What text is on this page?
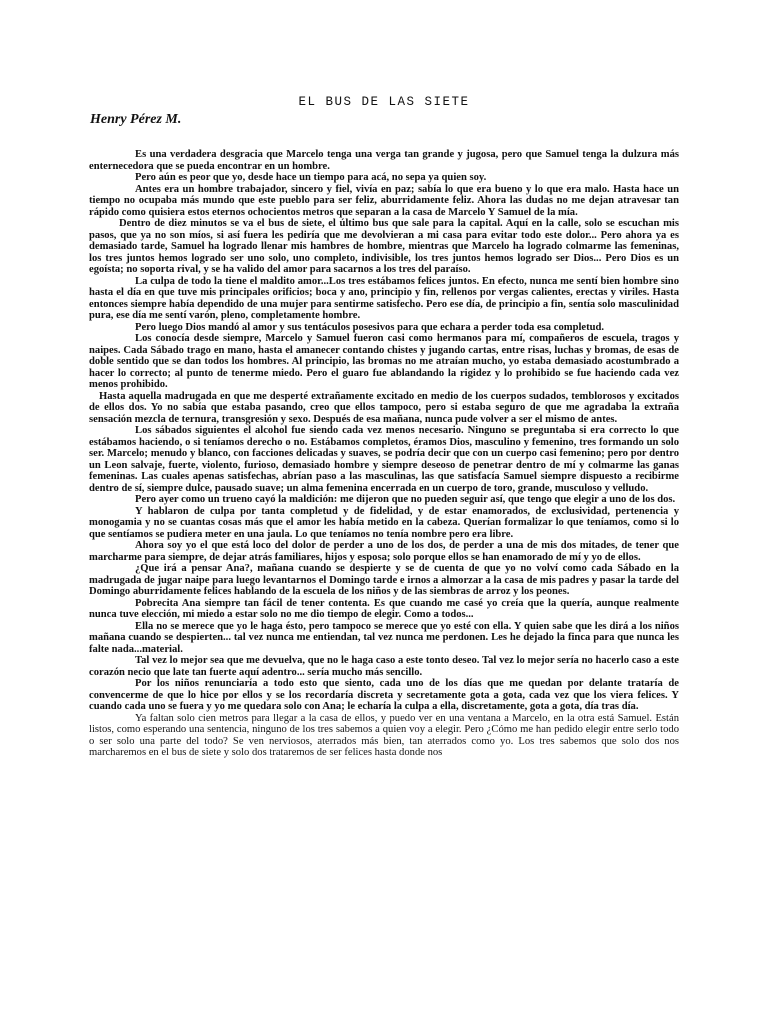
EL BUS DE LAS SIETE
Henry Pérez M.

Es una verdadera desgracia que Marcelo tenga una verga tan grande y jugosa, pero que Samuel tenga la dulzura más enternecedora que se pueda encontrar en un hombre.

Pero aún es peor que yo, desde hace un tiempo para acá, no sepa ya quien soy.

Antes era un hombre trabajador, sincero y fiel, vivía en paz; sabía lo que era bueno y lo que era malo. Hasta hace un tiempo no ocupaba más mundo que este pueblo para ser feliz, aburridamente feliz. Ahora las dudas no me dejan atravesar tan rápido como quisiera estos eternos ochocientos metros que separan a la casa de Marcelo Y Samuel de la mía.

Dentro de diez minutos se va el bus de siete, el último bus que sale para la capital. Aquí en la calle, solo se escuchan mis pasos, que ya no son míos, si así fuera les pediría que me devolvieran a mi casa para evitar todo este dolor... Pero ahora ya es demasiado tarde, Samuel ha logrado llenar mis hambres de hombre, mientras que Marcelo ha logrado colmarme las femeninas, los tres juntos hemos logrado ser uno solo, uno completo, indivisible, los tres juntos hemos logrado ser Dios... Pero Dios es un egoísta; no soporta rival, y se ha valido del amor para sacarnos a los tres del paraíso.

La culpa de todo la tiene el maldito amor...Los tres estábamos felices juntos. En efecto, nunca me sentí bien hombre sino hasta el día en que tuve mis principales orificios; boca y ano, principio y fin, rellenos por vergas calientes, erectas y viriles. Hasta entonces siempre había dependido de una mujer para sentirme satisfecho. Pero ese día, de principio a fin, sentía solo masculinidad pura, ese día me sentí varón, pleno, completamente hombre.

Pero luego Dios mandó al amor y sus tentáculos posesivos para que echara a perder toda esa completud.

Los conocía desde siempre, Marcelo y Samuel fueron casi como hermanos para mí, compañeros de escuela, tragos y naipes. Cada Sábado trago en mano, hasta el amanecer contando chistes y jugando cartas, entre risas, luchas y bromas, de esas de doble sentido que se dan todos los hombres. Al principio, las bromas no me atraían mucho, yo estaba demasiado acostumbrado a hacer lo correcto; al punto de tenerme miedo. Pero el guaro fue ablandando la rigidez y lo prohibido se fue haciendo cada vez menos prohibido.

Hasta aquella madrugada en que me desperté extrañamente excitado en medio de los cuerpos sudados, temblorosos y excitados de ellos dos. Yo no sabía que estaba pasando, creo que ellos tampoco, pero si estaba seguro de que me agradaba la extraña sensación mezcla de ternura, transgresión y sexo. Después de esa mañana, nunca pude volver a ser el mismo de antes.

Los sábados siguientes el alcohol fue siendo cada vez menos necesario. Ninguno se preguntaba si era correcto lo que estábamos haciendo, o si teníamos derecho o no. Estábamos completos, éramos Dios, masculino y femenino, tres formando un solo ser. Marcelo; menudo y blanco, con facciones delicadas y suaves, se podría decir que con un cuerpo casi femenino; pero por dentro un Leon salvaje, fuerte, violento, furioso, demasiado hombre y siempre deseoso de penetrar dentro de mí y colmarme las ganas femeninas. Las cuales apenas satisfechas, abrían paso a las masculinas, las que satisfacía Samuel siempre dispuesto a recibirme dentro de sí, siempre dulce, pausado suave; un alma femenina encerrada en un cuerpo de toro, grande, musculoso y velludo.

Pero ayer como un trueno cayó la maldición: me dijeron que no pueden seguir así, que tengo que elegir a uno de los dos.

Y hablaron de culpa por tanta completud y de fidelidad, y de estar enamorados, de exclusividad, pertenencia y monogamia y no se cuantas cosas más que el amor les había metido en la cabeza. Querían formalizar lo que teníamos, como si lo que sentíamos se pudiera meter en una jaula. Lo que teníamos no tenía nombre pero era libre.

Ahora soy yo el que está loco del dolor de perder a uno de los dos, de perder a una de mis dos mitades, de tener que marcharme para siempre, de dejar atrás familiares, hijos y esposa; solo porque ellos se han enamorado de mí y yo de ellos.

¿Que irá a pensar Ana?, mañana cuando se despierte y se de cuenta de que yo no volví como cada Sábado en la madrugada de jugar naipe para luego levantarnos el Domingo tarde e irnos a almorzar a la casa de mis padres y pasar la tarde del Domingo aburridamente felices hablando de la escuela de los niños y de las siembras de arroz y los peones.

Pobrecita Ana siempre tan fácil de tener contenta. Es que cuando me casé yo creía que la quería, aunque realmente nunca tuve elección, mi miedo a estar solo no me dio tiempo de elegir. Como a todos...

Ella no se merece que yo le haga ésto, pero tampoco se merece que yo esté con ella. Y quien sabe que les dirá a los niños mañana cuando se despierten... tal vez nunca me entiendan, tal vez nunca me perdonen. Les he dejado la finca para que nunca les falte nada...material.

Tal vez lo mejor sea que me devuelva, que no le haga caso a este tonto deseo. Tal vez lo mejor sería no hacerlo caso a este corazón necio que late tan fuerte aquí adentro... sería mucho más sencillo.

Por los niños renunciaría a todo esto que siento, cada uno de los días que me quedan por delante trataría de convencerme de que lo hice por ellos y se los recordaría discreta y secretamente gota a gota, cada vez que los viera felices. Y cuando cada uno se fuera y yo me quedara solo con Ana; le echaría la culpa a ella, discretamente, gota a gota, día tras día.

Ya faltan solo cien metros para llegar a la casa de ellos, y puedo ver en una ventana a Marcelo, en la otra está Samuel. Están listos, como esperando una sentencia, ninguno de los tres sabemos a quien voy a elegir. Pero ¿Cómo me han pedido elegir entre serlo todo o ser solo una parte del todo? Se ven nerviosos, aterrados más bien, tan aterrados como yo. Los tres sabemos que solo dos nos marcharemos en el bus de siete y solo dos trataremos de ser felices hasta donde nos
